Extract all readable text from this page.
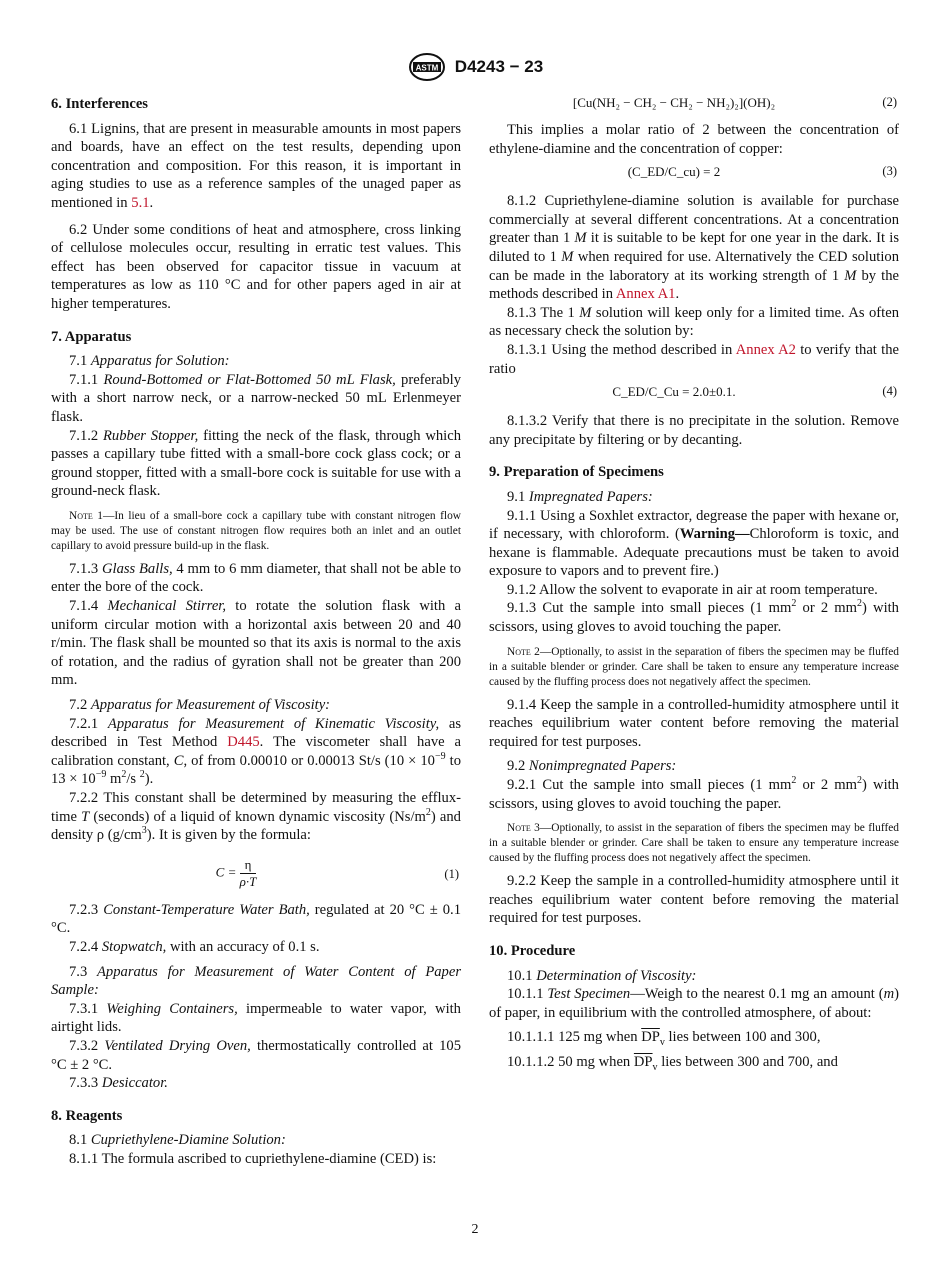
ASTM D4243 − 23
6. Interferences

6.1 Lignins, that are present in measurable amounts in most papers and boards, have an effect on the test results, depending upon concentration and composition. For this reason, it is important in aging studies to use as a reference samples of the unaged paper as mentioned in 5.1.

6.2 Under some conditions of heat and atmosphere, cross linking of cellulose molecules occur, resulting in erratic test values. This effect has been observed for capacitor tissue in vacuum at temperatures as low as 110 °C and for other papers aged in air at higher temperatures.

7. Apparatus

7.1 Apparatus for Solution:

7.1.1 Round-Bottomed or Flat-Bottomed 50 mL Flask, preferably with a short narrow neck, or a narrow-necked 50 mL Erlenmeyer flask.

7.1.2 Rubber Stopper, fitting the neck of the flask, through which passes a capillary tube fitted with a small-bore cock glass cock; or a ground stopper, fitted with a small-bore cock is suitable for use with a ground-neck flask.

Note 1—In lieu of a small-bore cock a capillary tube with constant nitrogen flow may be used. The use of constant nitrogen flow requires both an inlet and an outlet capillary to avoid pressure build-up in the flask.

7.1.3 Glass Balls, 4 mm to 6 mm diameter, that shall not be able to enter the bore of the cock.

7.1.4 Mechanical Stirrer, to rotate the solution flask with a uniform circular motion with a horizontal axis between 20 and 40 r/min. The flask shall be mounted so that its axis is normal to the axis of rotation, and the radius of gyration shall not be greater than 200 mm.

7.2 Apparatus for Measurement of Viscosity:

7.2.1 Apparatus for Measurement of Kinematic Viscosity, as described in Test Method D445. The viscometer shall have a calibration constant, C, of from 0.00010 or 0.00013 St/s ($10 \times 10^{-9}$ to $13 \times 10^{-9}$ $m^2/s$ $^2$).

7.2.2 This constant shall be determined by measuring the efflux-time T (seconds) of a liquid of known dynamic viscosity $(Ns/m^2)$ and density ρ $(g/cm^3)$. It is given by the formula:

$C = \frac{\eta}{\rho\cdot T}$	(1)

7.2.3 Constant-Temperature Water Bath, regulated at 20 °C ± 0.1 °C.

7.2.4 Stopwatch, with an accuracy of 0.1 s.

7.3 Apparatus for Measurement of Water Content of Paper Sample:

7.3.1 Weighing Containers, impermeable to water vapor, with airtight lids.

7.3.2 Ventilated Drying Oven, thermostatically controlled at 105 °C ± 2 °C.

7.3.3 Desiccator.

8. Reagents

8.1 Cupriethylene-Diamine Solution:

8.1.1 The formula ascribed to cupriethylene-diamine (CED) is:

[Cu(NH₂ − CH₂ − CH₂ − NH₂)₂](OH)₂	(2)

This implies a molar ratio of 2 between the concentration of ethylene-diamine and the concentration of copper:

(C_ED/C_cu) = 2	(3)

8.1.2 Cupriethylene-diamine solution is available for purchase commercially at several different concentrations. At a concentration greater than 1 M it is suitable to be kept for one year in the dark. It is diluted to 1 M when required for use. Alternatively the CED solution can be made in the laboratory at its working strength of 1 M by the methods described in Annex A1.

8.1.3 The 1 M solution will keep only for a limited time. As often as necessary check the solution by:

8.1.3.1 Using the method described in Annex A2 to verify that the ratio

C_ED/C_Cu = 2.0±0.1.	(4)

8.1.3.2 Verify that there is no precipitate in the solution. Remove any precipitate by filtering or by decanting.

9. Preparation of Specimens

9.1 Impregnated Papers:

9.1.1 Using a Soxhlet extractor, degrease the paper with hexane or, if necessary, with chloroform. (Warning—Chloroform is toxic, and hexane is flammable. Adequate precautions must be taken to avoid exposure to vapors and to prevent fire.)

9.1.2 Allow the solvent to evaporate in air at room temperature.

9.1.3 Cut the sample into small pieces (1 $mm^2$ or 2 $mm^2$) with scissors, using gloves to avoid touching the paper.

Note 2—Optionally, to assist in the separation of fibers the specimen may be fluffed in a suitable blender or grinder. Care shall be taken to ensure any temperature increase caused by the fluffing process does not negatively affect the specimen.

9.1.4 Keep the sample in a controlled-humidity atmosphere until it reaches equilibrium water content before removing the material required for test purposes.

9.2 Nonimpregnated Papers:

9.2.1 Cut the sample into small pieces (1 $mm^2$ or 2 $mm^2$) with scissors, using gloves to avoid touching the paper.

Note 3—Optionally, to assist in the separation of fibers the specimen may be fluffed in a suitable blender or grinder. Care shall be taken to ensure any temperature increase caused by the fluffing process does not negatively affect the specimen.

9.2.2 Keep the sample in a controlled-humidity atmosphere until it reaches equilibrium water content before removing the material required for test purposes.

10. Procedure

10.1 Determination of Viscosity:

10.1.1 Test Specimen—Weigh to the nearest 0.1 mg an amount (m) of paper, in equilibrium with the controlled atmosphere, of about:

10.1.1.1 125 mg when $\overline{DP}_v$ lies between 100 and 300,

10.1.1.2 50 mg when $\overline{DP}_v$ lies between 300 and 700, and

2
